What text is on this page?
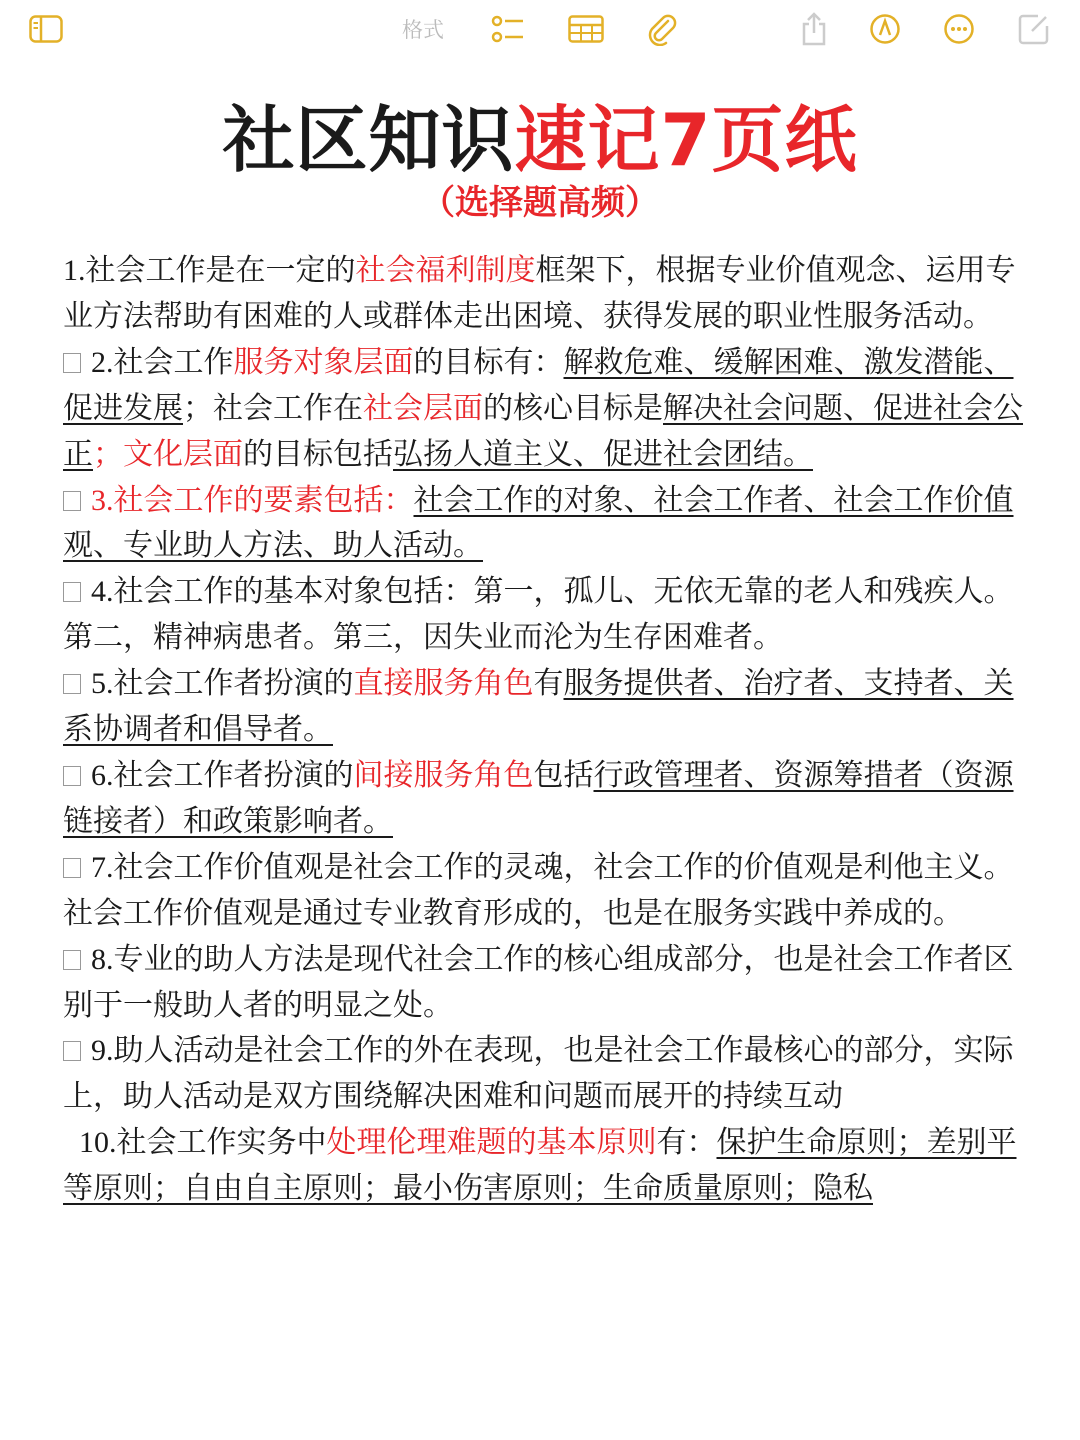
格式
社区知识速记7页纸
（选择题高频）

1.社会工作是在一定的社会福利制度框架下，根据专业价值观念、运用专业方法帮助有困难的人或群体走出困境、获得发展的职业性服务活动。

2.社会工作服务对象层面的目标有：解救危难、缓解困难、激发潜能、促进发展；社会工作在社会层面的核心目标是解决社会问题、促进社会公正；文化层面的目标包括弘扬人道主义、促进社会团结。

3.社会工作的要素包括：社会工作的对象、社会工作者、社会工作价值观、专业助人方法、助人活动。

4.社会工作的基本对象包括：第一，孤儿、无依无靠的老人和残疾人。第二，精神病患者。第三，因失业而沦为生存困难者。

5.社会工作者扮演的直接服务角色有服务提供者、治疗者、支持者、关系协调者和倡导者。

6.社会工作者扮演的间接服务角色包括行政管理者、资源筹措者（资源链接者）和政策影响者。

7.社会工作价值观是社会工作的灵魂，社会工作的价值观是利他主义。社会工作价值观是通过专业教育形成的，也是在服务实践中养成的。

8.专业的助人方法是现代社会工作的核心组成部分，也是社会工作者区别于一般助人者的明显之处。

9.助人活动是社会工作的外在表现，也是社会工作最核心的部分，实际上，助人活动是双方围绕解决困难和问题而展开的持续互动

10.社会工作实务中处理伦理难题的基本原则有：保护生命原则；差别平等原则；自由自主原则；最小伤害原则；生命质量原则；隐私
